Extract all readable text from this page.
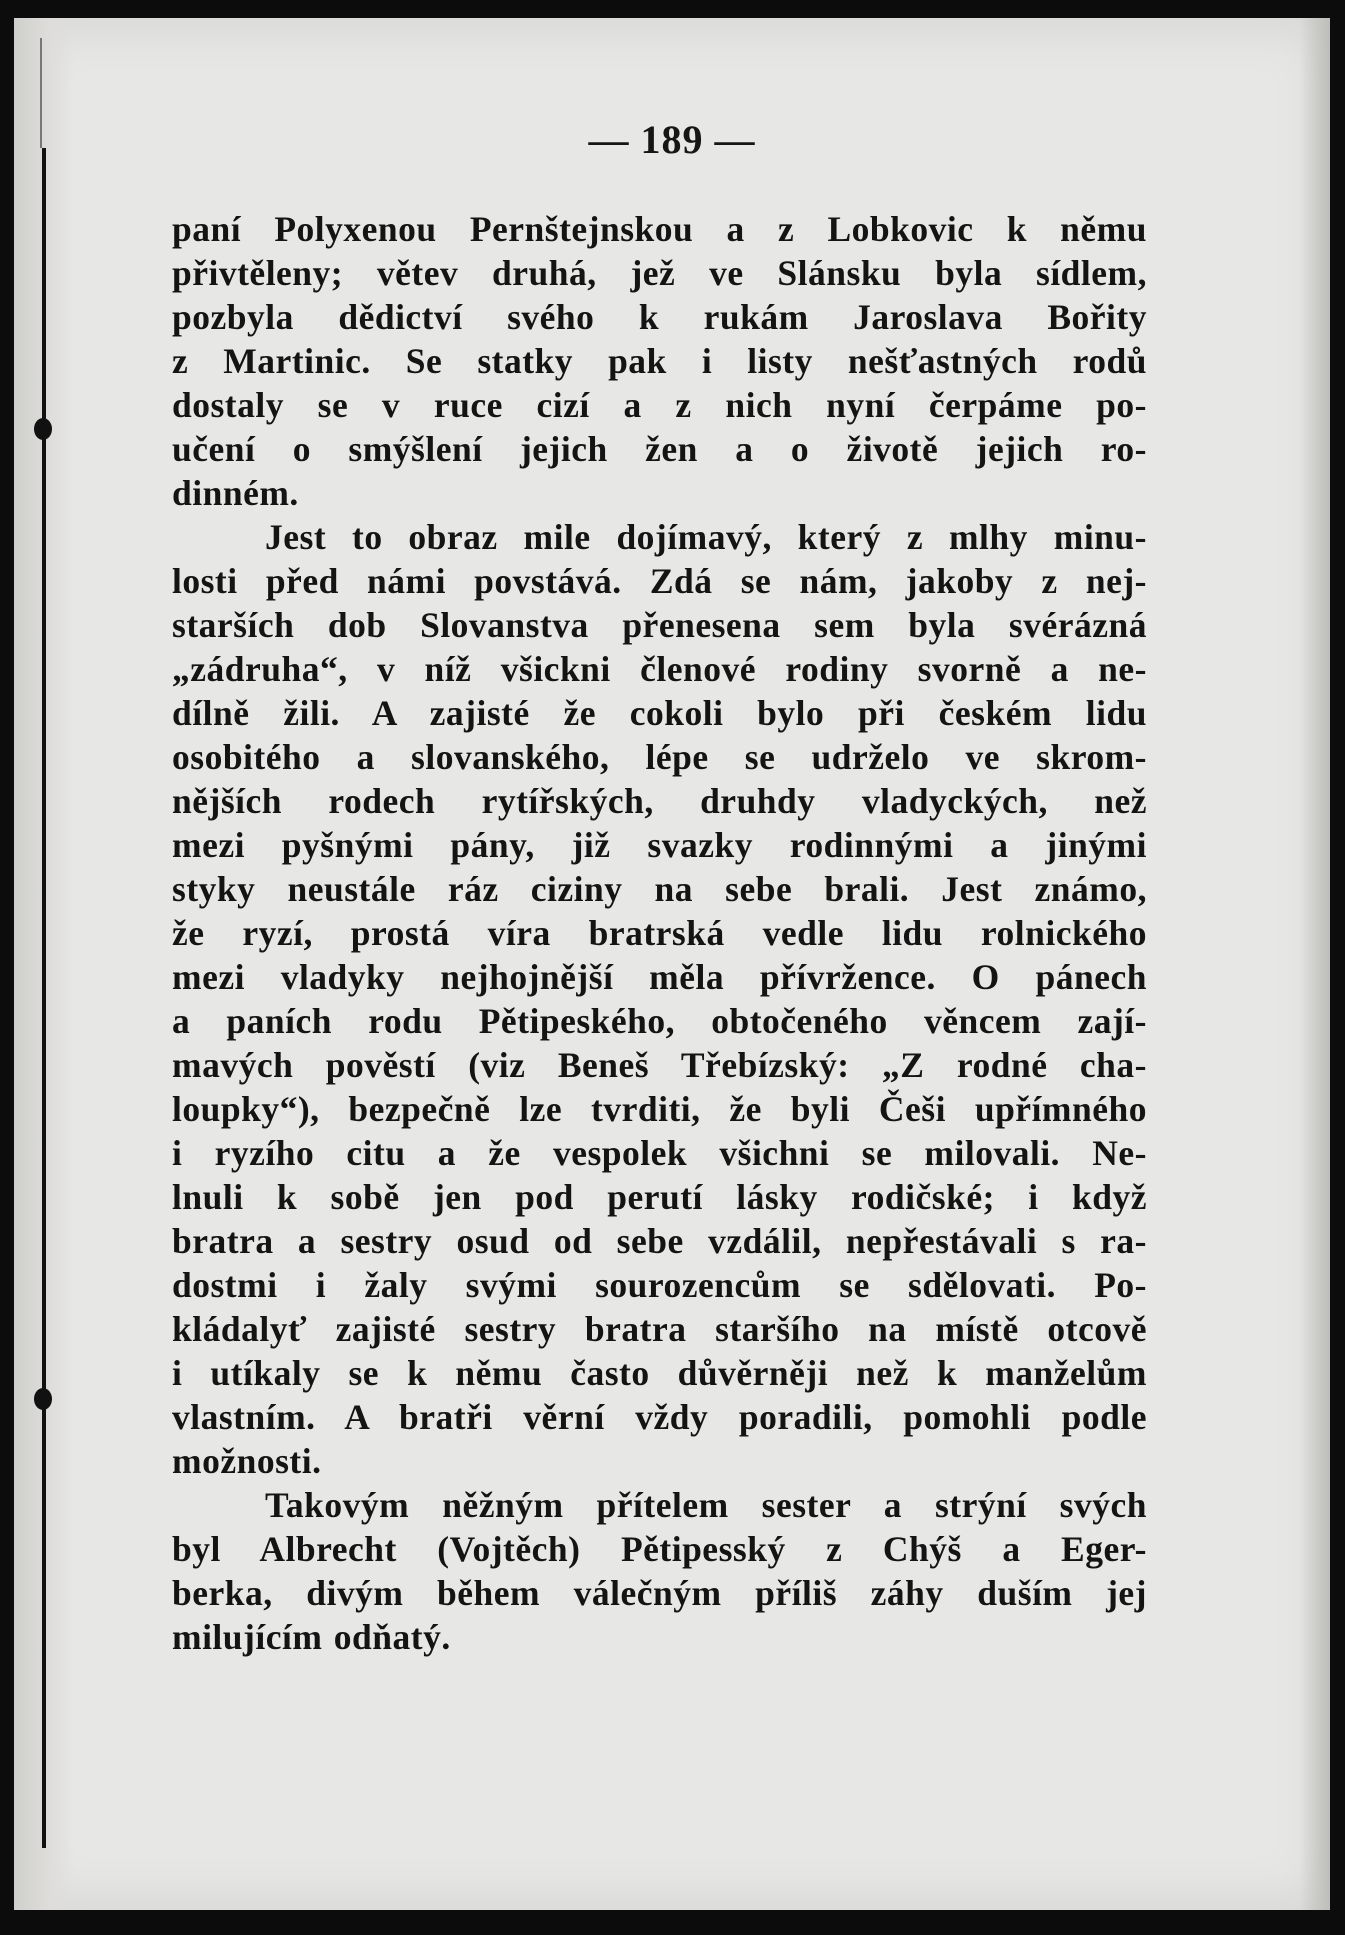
— 189 —
paní Polyxenou Pernštejnskou a z Lobkovic k němu
přivtěleny; větev druhá, jež ve Slánsku byla sídlem,
pozbyla dědictví svého k rukám Jaroslava Bořity
z Martinic. Se statky pak i listy nešťastných rodů
dostaly se v ruce cizí a z nich nyní čerpáme po-
učení o smýšlení jejich žen a o životě jejich ro-
dinném.
Jest to obraz mile dojímavý, který z mlhy minu-
losti před námi povstává. Zdá se nám, jakoby z nej-
starších dob Slovanstva přenesena sem byla svérázná
„zádruha“, v níž všickni členové rodiny svorně a ne-
dílně žili. A zajisté že cokoli bylo při českém lidu
osobitého a slovanského, lépe se udrželo ve skrom-
nějších rodech rytířských, druhdy vladyckých, než
mezi pyšnými pány, již svazky rodinnými a jinými
styky neustále ráz ciziny na sebe brali. Jest známo,
že ryzí, prostá víra bratrská vedle lidu rolnického
mezi vladyky nejhojnější měla přívržence. O pánech
a paních rodu Pětipeského, obtočeného věncem zají-
mavých pověstí (viz Beneš Třebízský: „Z rodné cha-
loupky“), bezpečně lze tvrditi, že byli Češi upřímného
i ryzího citu a že vespolek všichni se milovali. Ne-
lnuli k sobě jen pod perutí lásky rodičské; i když
bratra a sestry osud od sebe vzdálil, nepřestávali s ra-
dostmi i žaly svými sourozencům se sdělovati. Po-
kládalyť zajisté sestry bratra staršího na místě otcově
i utíkaly se k němu často důvěrněji než k manželům
vlastním. A bratři věrní vždy poradili, pomohli podle
možnosti.
Takovým něžným přítelem sester a strýní svých
byl Albrecht (Vojtěch) Pětipesský z Chýš a Eger-
berka, divým během válečným příliš záhy duším jej
milujícím odňatý.
